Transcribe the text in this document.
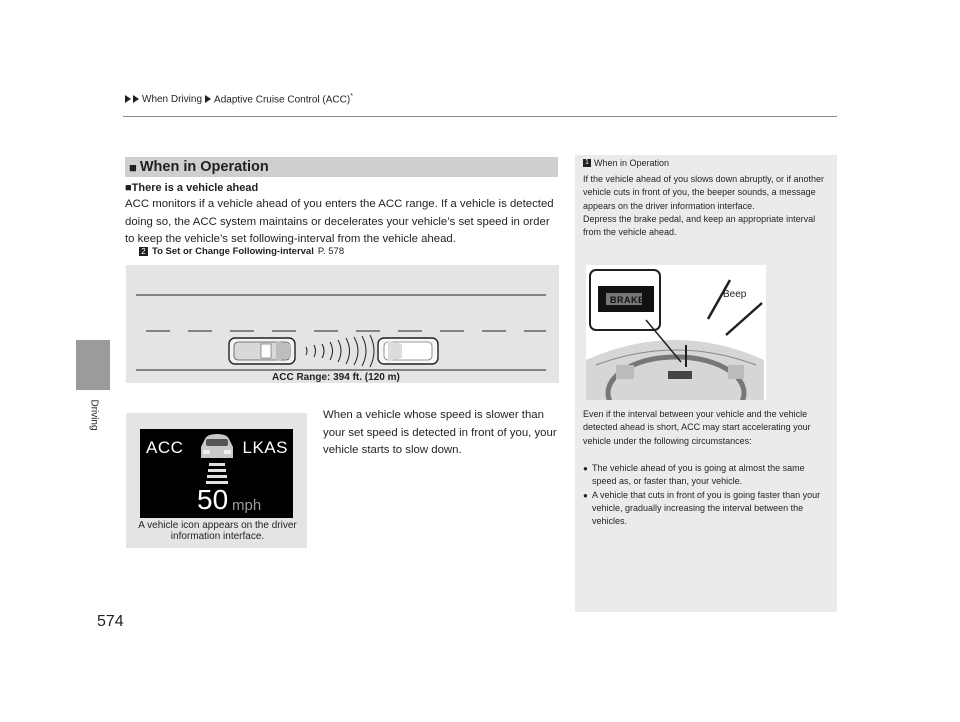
When Driving Adaptive Cruise Control (ACC)*
Driving
574
■ When in Operation
■There is a vehicle ahead
ACC monitors if a vehicle ahead of you enters the ACC range. If a vehicle is detected doing so, the ACC system maintains or decelerates your vehicle’s set speed in order to keep the vehicle’s set following-interval from the vehicle ahead.
2 To Set or Change Following-interval P. 578
ACC Range: 394 ft. (120 m)
ACC	LKAS
50 mph
A vehicle icon appears on the driver information interface.
When a vehicle whose speed is slower than your set speed is detected in front of you, your vehicle starts to slow down.
1 When in Operation
If the vehicle ahead of you slows down abruptly, or if another vehicle cuts in front of you, the beeper sounds, a message appears on the driver information interface.
Depress the brake pedal, and keep an appropriate interval from the vehicle ahead.
BRAKE	Beep
Even if the interval between your vehicle and the vehicle detected ahead is short, ACC may start accelerating your vehicle under the following circumstances:
● The vehicle ahead of you is going at almost the same speed as, or faster than, your vehicle.
● A vehicle that cuts in front of you is going faster than your vehicle, gradually increasing the interval between the vehicles.
